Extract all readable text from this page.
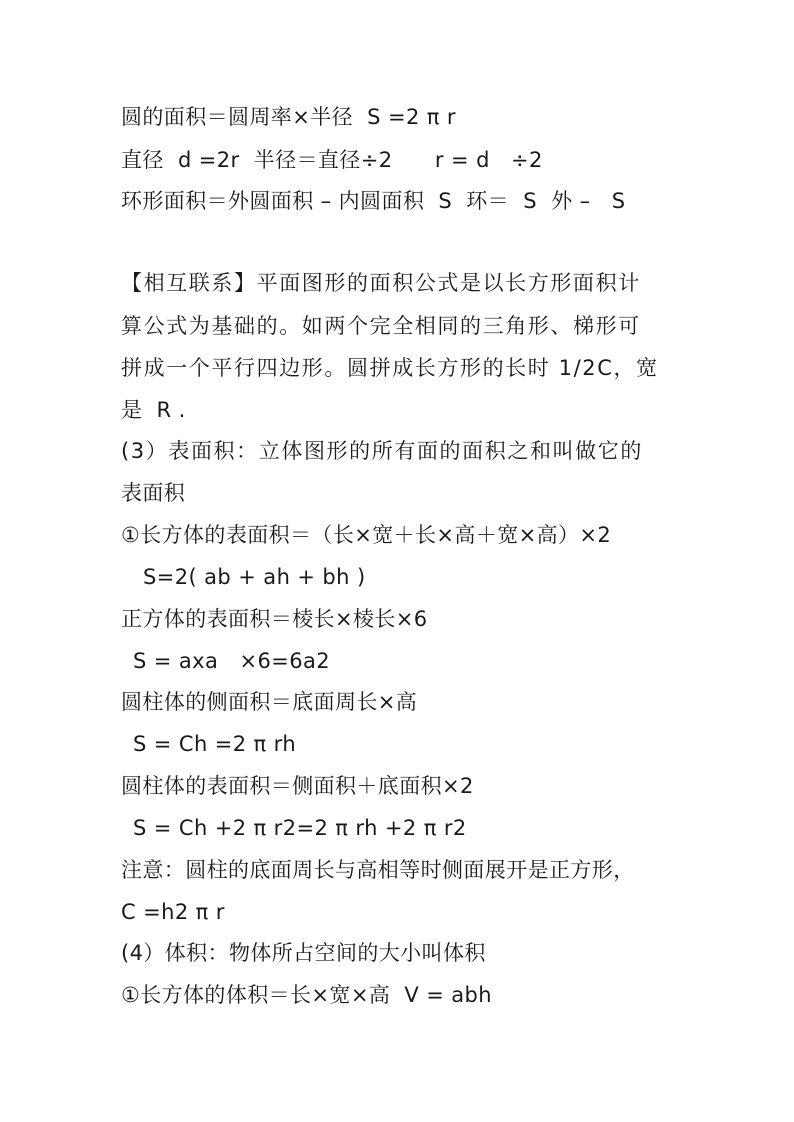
圆的面积＝圆周率×半径  S =2 π r
直径  d =2r  半径＝直径÷2      r = d   ÷2
环形面积＝外圆面积 – 内圆面积  S  环＝  S  外 –   S
【相互联系】平面图形的面积公式是以长方形面积计
算公式为基础的。如两个完全相同的三角形、梯形可
拼成一个平行四边形。圆拼成长方形的长时 1/2C，宽
是  R .
(3）表面积：立体图形的所有面的面积之和叫做它的
表面积
①长方体的表面积＝（长×宽＋长×高＋宽×高）×2
S=2( ab + ah + bh )
正方体的表面积＝棱长×棱长×6
S = axa   ×6=6a2
圆柱体的侧面积＝底面周长×高
S = Ch =2 π rh
圆柱体的表面积＝侧面积＋底面积×2
S = Ch +2 π r2=2 π rh +2 π r2
注意：圆柱的底面周长与高相等时侧面展开是正方形，
C =h2 π r
(4）体积：物体所占空间的大小叫体积
①长方体的体积＝长×宽×高  V = abh
